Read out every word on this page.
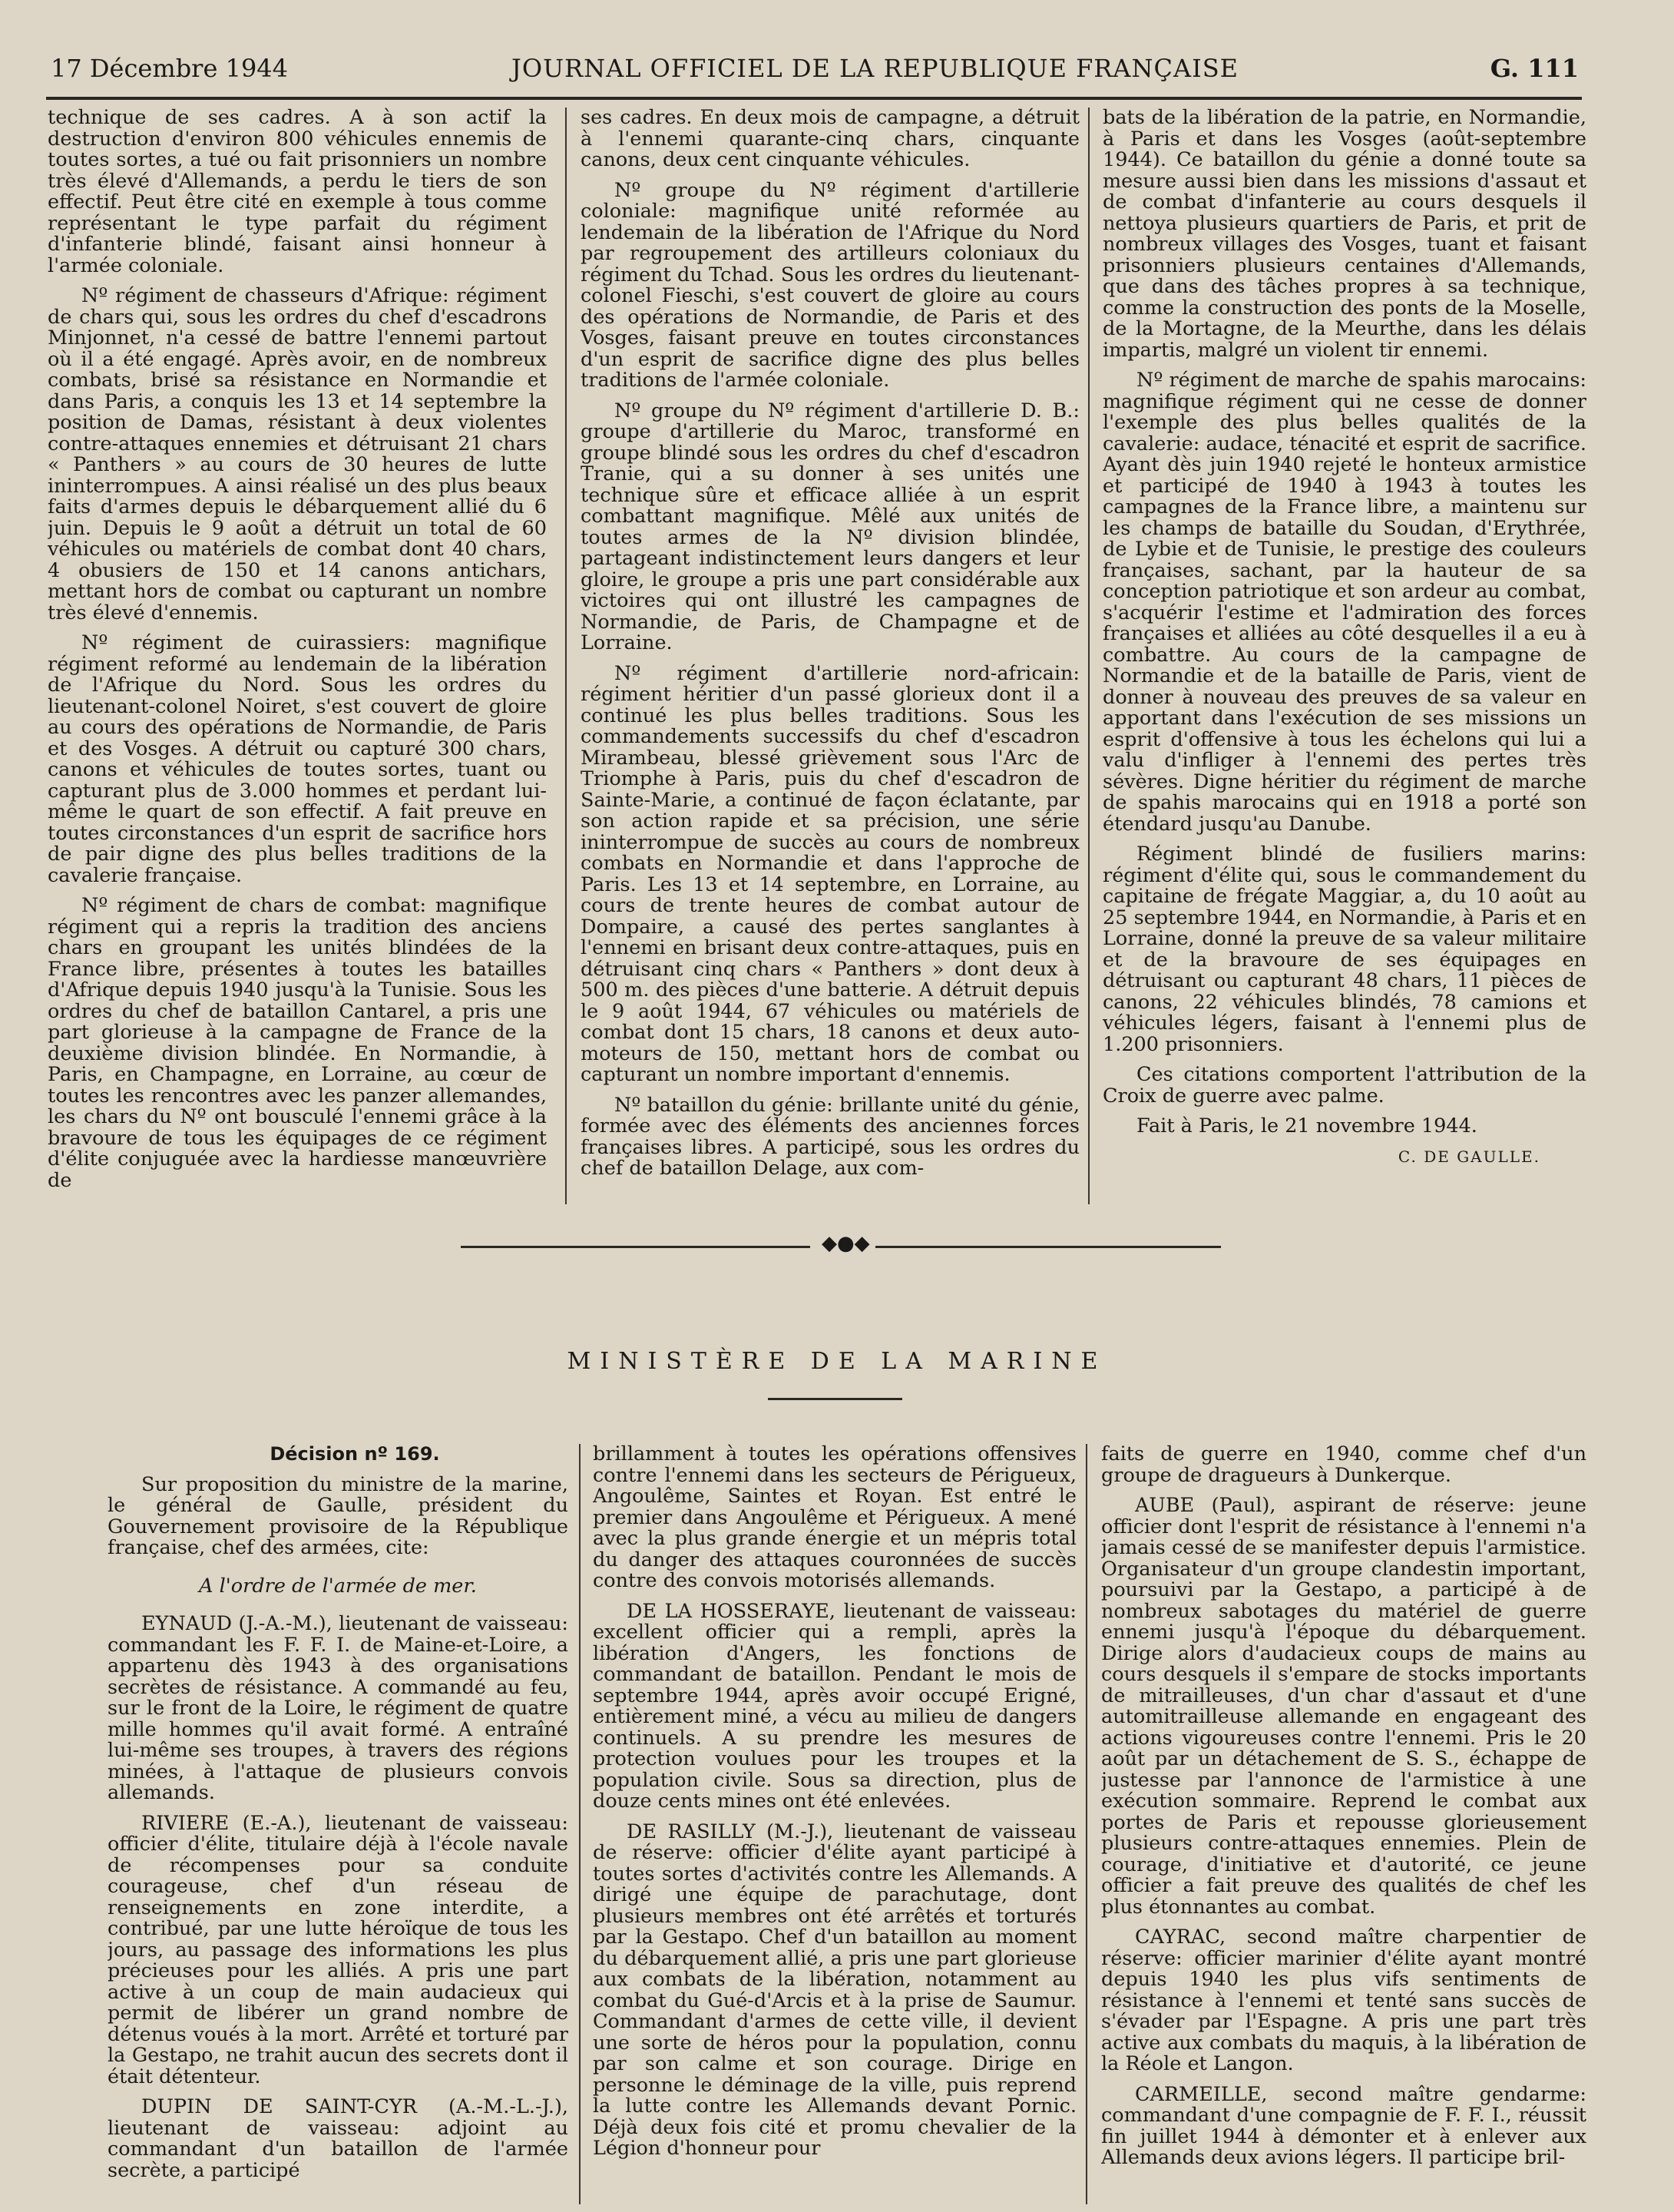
17 Décembre 1944	JOURNAL OFFICIEL DE LA REPUBLIQUE FRANÇAISE	G. 111

technique de ses cadres. A à son actif la destruction d'environ 800 véhicules ennemis de toutes sortes, a tué ou fait prisonniers un nombre très élevé d'Allemands, a perdu le tiers de son effectif. Peut être cité en exemple à tous comme représentant le type parfait du régiment d'infanterie blindé, faisant ainsi honneur à l'armée coloniale.

Nº régiment de chasseurs d'Afrique: régiment de chars qui, sous les ordres du chef d'escadrons Minjonnet, n'a cessé de battre l'ennemi partout où il a été engagé. Après avoir, en de nombreux combats, brisé sa résistance en Normandie et dans Paris, a conquis les 13 et 14 septembre la position de Damas, résistant à deux violentes contre-attaques ennemies et détruisant 21 chars « Panthers » au cours de 30 heures de lutte ininterrompues. A ainsi réalisé un des plus beaux faits d'armes depuis le débarquement allié du 6 juin. Depuis le 9 août a détruit un total de 60 véhicules ou matériels de combat dont 40 chars, 4 obusiers de 150 et 14 canons antichars, mettant hors de combat ou capturant un nombre très élevé d'ennemis.

Nº régiment de cuirassiers: magnifique régiment reformé au lendemain de la libération de l'Afrique du Nord. Sous les ordres du lieutenant-colonel Noiret, s'est couvert de gloire au cours des opérations de Normandie, de Paris et des Vosges. A détruit ou capturé 300 chars, canons et véhicules de toutes sortes, tuant ou capturant plus de 3.000 hommes et perdant lui-même le quart de son effectif. A fait preuve en toutes circonstances d'un esprit de sacrifice hors de pair digne des plus belles traditions de la cavalerie française.

Nº régiment de chars de combat: magnifique régiment qui a repris la tradition des anciens chars en groupant les unités blindées de la France libre, présentes à toutes les batailles d'Afrique depuis 1940 jusqu'à la Tunisie. Sous les ordres du chef de bataillon Cantarel, a pris une part glorieuse à la campagne de France de la deuxième division blindée. En Normandie, à Paris, en Champagne, en Lorraine, au cœur de toutes les rencontres avec les panzer allemandes, les chars du Nº ont bousculé l'ennemi grâce à la bravoure de tous les équipages de ce régiment d'élite conjuguée avec la hardiesse manœuvrière de

ses cadres. En deux mois de campagne, a détruit à l'ennemi quarante-cinq chars, cinquante canons, deux cent cinquante véhicules.

Nº groupe du Nº régiment d'artillerie coloniale: magnifique unité reformée au lendemain de la libération de l'Afrique du Nord par regroupement des artilleurs coloniaux du régiment du Tchad. Sous les ordres du lieutenant-colonel Fieschi, s'est couvert de gloire au cours des opérations de Normandie, de Paris et des Vosges, faisant preuve en toutes circonstances d'un esprit de sacrifice digne des plus belles traditions de l'armée coloniale.

Nº groupe du Nº régiment d'artillerie D. B.: groupe d'artillerie du Maroc, transformé en groupe blindé sous les ordres du chef d'escadron Tranie, qui a su donner à ses unités une technique sûre et efficace alliée à un esprit combattant magnifique. Mêlé aux unités de toutes armes de la Nº division blindée, partageant indistinctement leurs dangers et leur gloire, le groupe a pris une part considérable aux victoires qui ont illustré les campagnes de Normandie, de Paris, de Champagne et de Lorraine.

Nº régiment d'artillerie nord-africain: régiment héritier d'un passé glorieux dont il a continué les plus belles traditions. Sous les commandements successifs du chef d'escadron Mirambeau, blessé grièvement sous l'Arc de Triomphe à Paris, puis du chef d'escadron de Sainte-Marie, a continué de façon éclatante, par son action rapide et sa précision, une série ininterrompue de succès au cours de nombreux combats en Normandie et dans l'approche de Paris. Les 13 et 14 septembre, en Lorraine, au cours de trente heures de combat autour de Dompaire, a causé des pertes sanglantes à l'ennemi en brisant deux contre-attaques, puis en détruisant cinq chars « Panthers » dont deux à 500 m. des pièces d'une batterie. A détruit depuis le 9 août 1944, 67 véhicules ou matériels de combat dont 15 chars, 18 canons et deux auto-moteurs de 150, mettant hors de combat ou capturant un nombre important d'ennemis.

Nº bataillon du génie: brillante unité du génie, formée avec des éléments des anciennes forces françaises libres. A participé, sous les ordres du chef de bataillon Delage, aux com-

bats de la libération de la patrie, en Normandie, à Paris et dans les Vosges (août-septembre 1944). Ce bataillon du génie a donné toute sa mesure aussi bien dans les missions d'assaut et de combat d'infanterie au cours desquels il nettoya plusieurs quartiers de Paris, et prit de nombreux villages des Vosges, tuant et faisant prisonniers plusieurs centaines d'Allemands, que dans des tâches propres à sa technique, comme la construction des ponts de la Moselle, de la Mortagne, de la Meurthe, dans les délais impartis, malgré un violent tir ennemi.

Nº régiment de marche de spahis marocains: magnifique régiment qui ne cesse de donner l'exemple des plus belles qualités de la cavalerie: audace, ténacité et esprit de sacrifice. Ayant dès juin 1940 rejeté le honteux armistice et participé de 1940 à 1943 à toutes les campagnes de la France libre, a maintenu sur les champs de bataille du Soudan, d'Erythrée, de Lybie et de Tunisie, le prestige des couleurs françaises, sachant, par la hauteur de sa conception patriotique et son ardeur au combat, s'acquérir l'estime et l'admiration des forces françaises et alliées au côté desquelles il a eu à combattre. Au cours de la campagne de Normandie et de la bataille de Paris, vient de donner à nouveau des preuves de sa valeur en apportant dans l'exécution de ses missions un esprit d'offensive à tous les échelons qui lui a valu d'infliger à l'ennemi des pertes très sévères. Digne héritier du régiment de marche de spahis marocains qui en 1918 a porté son étendard jusqu'au Danube.

Régiment blindé de fusiliers marins: régiment d'élite qui, sous le commandement du capitaine de frégate Maggiar, a, du 10 août au 25 septembre 1944, en Normandie, à Paris et en Lorraine, donné la preuve de sa valeur militaire et de la bravoure de ses équipages en détruisant ou capturant 48 chars, 11 pièces de canons, 22 véhicules blindés, 78 camions et véhicules légers, faisant à l'ennemi plus de 1.200 prisonniers.

Ces citations comportent l'attribution de la Croix de guerre avec palme.

Fait à Paris, le 21 novembre 1944.

C. DE GAULLE.

◆●◆
MINISTÈRE DE LA MARINE

Décision nº 169.

Sur proposition du ministre de la marine, le général de Gaulle, président du Gouvernement provisoire de la République française, chef des armées, cite:

A l'ordre de l'armée de mer.

EYNAUD (J.-A.-M.), lieutenant de vaisseau: commandant les F. F. I. de Maine-et-Loire, a appartenu dès 1943 à des organisations secrètes de résistance. A commandé au feu, sur le front de la Loire, le régiment de quatre mille hommes qu'il avait formé. A entraîné lui-même ses troupes, à travers des régions minées, à l'attaque de plusieurs convois allemands.

RIVIERE (E.-A.), lieutenant de vaisseau: officier d'élite, titulaire déjà à l'école navale de récompenses pour sa conduite courageuse, chef d'un réseau de renseignements en zone interdite, a contribué, par une lutte héroïque de tous les jours, au passage des informations les plus précieuses pour les alliés. A pris une part active à un coup de main audacieux qui permit de libérer un grand nombre de détenus voués à la mort. Arrêté et torturé par la Gestapo, ne trahit aucun des secrets dont il était détenteur.

DUPIN DE SAINT-CYR (A.-M.-L.-J.), lieutenant de vaisseau: adjoint au commandant d'un bataillon de l'armée secrète, a participé

brillamment à toutes les opérations offensives contre l'ennemi dans les secteurs de Périgueux, Angoulême, Saintes et Royan. Est entré le premier dans Angoulême et Périgueux. A mené avec la plus grande énergie et un mépris total du danger des attaques couronnées de succès contre des convois motorisés allemands.

DE LA HOSSERAYE, lieutenant de vaisseau: excellent officier qui a rempli, après la libération d'Angers, les fonctions de commandant de bataillon. Pendant le mois de septembre 1944, après avoir occupé Erigné, entièrement miné, a vécu au milieu de dangers continuels. A su prendre les mesures de protection voulues pour les troupes et la population civile. Sous sa direction, plus de douze cents mines ont été enlevées.

DE RASILLY (M.-J.), lieutenant de vaisseau de réserve: officier d'élite ayant participé à toutes sortes d'activités contre les Allemands. A dirigé une équipe de parachutage, dont plusieurs membres ont été arrêtés et torturés par la Gestapo. Chef d'un bataillon au moment du débarquement allié, a pris une part glorieuse aux combats de la libération, notamment au combat du Gué-d'Arcis et à la prise de Saumur. Commandant d'armes de cette ville, il devient une sorte de héros pour la population, connu par son calme et son courage. Dirige en personne le déminage de la ville, puis reprend la lutte contre les Allemands devant Pornic. Déjà deux fois cité et promu chevalier de la Légion d'honneur pour

faits de guerre en 1940, comme chef d'un groupe de dragueurs à Dunkerque.

AUBE (Paul), aspirant de réserve: jeune officier dont l'esprit de résistance à l'ennemi n'a jamais cessé de se manifester depuis l'armistice. Organisateur d'un groupe clandestin important, poursuivi par la Gestapo, a participé à de nombreux sabotages du matériel de guerre ennemi jusqu'à l'époque du débarquement. Dirige alors d'audacieux coups de mains au cours desquels il s'empare de stocks importants de mitrailleuses, d'un char d'assaut et d'une automitrailleuse allemande en engageant des actions vigoureuses contre l'ennemi. Pris le 20 août par un détachement de S. S., échappe de justesse par l'annonce de l'armistice à une exécution sommaire. Reprend le combat aux portes de Paris et repousse glorieusement plusieurs contre-attaques ennemies. Plein de courage, d'initiative et d'autorité, ce jeune officier a fait preuve des qualités de chef les plus étonnantes au combat.

CAYRAC, second maître charpentier de réserve: officier marinier d'élite ayant montré depuis 1940 les plus vifs sentiments de résistance à l'ennemi et tenté sans succès de s'évader par l'Espagne. A pris une part très active aux combats du maquis, à la libération de la Réole et Langon.

CARMEILLE, second maître gendarme: commandant d'une compagnie de F. F. I., réussit fin juillet 1944 à démonter et à enlever aux Allemands deux avions légers. Il participe bril-
